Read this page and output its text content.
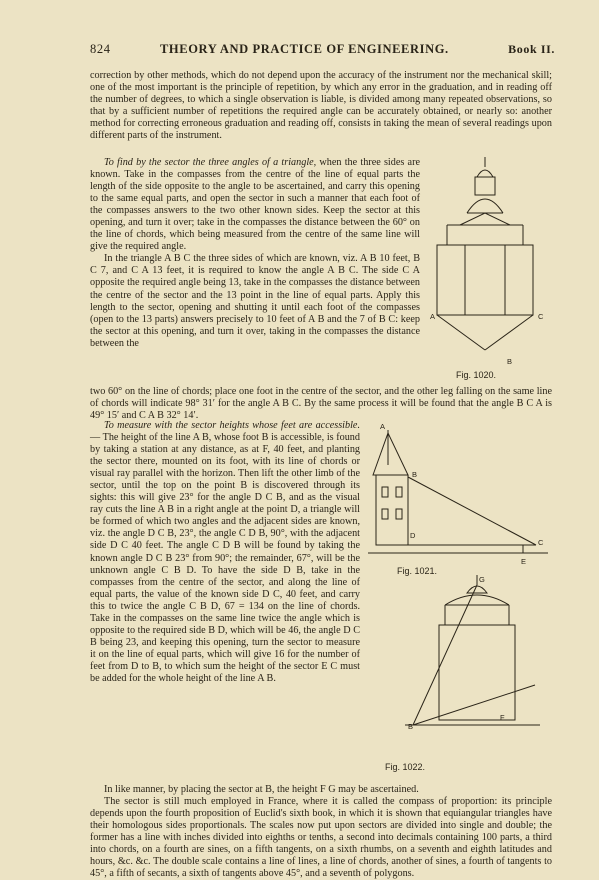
824	THEORY AND PRACTICE OF ENGINEERING.	Book II.

correction by other methods, which do not depend upon the accuracy of the instrument nor the mechanical skill; one of the most important is the principle of repetition, by which any error in the graduation, and in reading off the number of degrees, to which a single observation is liable, is divided among many repeated observations, so that by a sufficient number of repetitions the required angle can be accurately obtained, or nearly so: another method for correcting erroneous graduation and reading off, consists in taking the mean of several readings upon different parts of the instrument.

To find by the sector the three angles of a triangle, when the three sides are known. Take in the compasses from the centre of the line of equal parts the length of the side opposite to the angle to be ascertained, and carry this opening to the same equal parts, and open the sector in such a manner that each foot of the compasses answers to the two other known sides. Keep the sector at this opening, and turn it over; take in the compasses the distance between the 60° on the line of chords, which being measured from the centre of the same line will give the required angle.

In the triangle A B C the three sides of which are known, viz. A B 10 feet, B C 7, and C A 13 feet, it is required to know the angle A B C. The side C A opposite the required angle being 13, take in the compasses the distance between the centre of the sector and the 13 point in the line of equal parts. Apply this length to the sector, opening and shutting it until each foot of the compasses (open to the 13 parts) answers precisely to 10 feet of A B and the 7 of B C: keep the sector at this opening, and turn it over, taking in the compasses the distance between the

two 60° on the line of chords; place one foot in the centre of the sector, and the other leg falling on the same line of chords will indicate 98° 31′ for the angle A B C. By the same process it will be found that the angle B C A is 49° 15′ and C A B 32° 14′.

To measure with the sector heights whose feet are accessible. — The height of the line A B, whose foot B is accessible, is found by taking a station at any distance, as at F, 40 feet, and planting the sector there, mounted on its foot, with its line of chords or visual ray parallel with the horizon. Then lift the other limb of the sector, until the top on the point B is discovered through its sights: this will give 23° for the angle D C B, and as the visual ray cuts the line A B in a right angle at the point D, a triangle will be formed of which two angles and the adjacent sides are known, viz. the angle D C B, 23°, the angle C D B, 90°, with the adjacent side D C 40 feet. The angle C D B will be found by taking the known angle D C B 23° from 90°; the remainder, 67°, will be the unknown angle C B D. To have the side D B, take in the compasses from the centre of the sector, and along the line of equal parts, the value of the known side D C, 40 feet, and carry this to twice the angle C B D, 67 = 134 on the line of chords. Take in the compasses on the same line twice the angle which is opposite to the required side B D, which will be 46, the angle D C B being 23, and keeping this opening, turn the sector to measure it on the line of equal parts, which will give 16 for the number of feet from D to B, to which sum the height of the sector E C must be added for the whole height of the line A B.

In like manner, by placing the sector at B, the height F G may be ascertained.

The sector is still much employed in France, where it is called the compass of proportion: its principle depends upon the fourth proposition of Euclid's sixth book, in which it is shown that equiangular triangles have their homologous sides proportionals. The scales now put upon sectors are divided into single and double; the former has a line with inches divided into eighths or tenths, a second into decimals containing 100 parts, a third into chords, on a fourth are sines, on a fifth tangents, on a sixth rhumbs, on a seventh and eighth latitudes and hours, &c. &c. The double scale contains a line of lines, a line of chords, another of sines, a fourth of tangents to 45°, a fifth of secants, a sixth of tangents above 45°, and a seventh of polygons.

A
B
C
Fig. 1020.
A
B
C
D
E
Fig. 1021.
G
F
B
Fig. 1022.
